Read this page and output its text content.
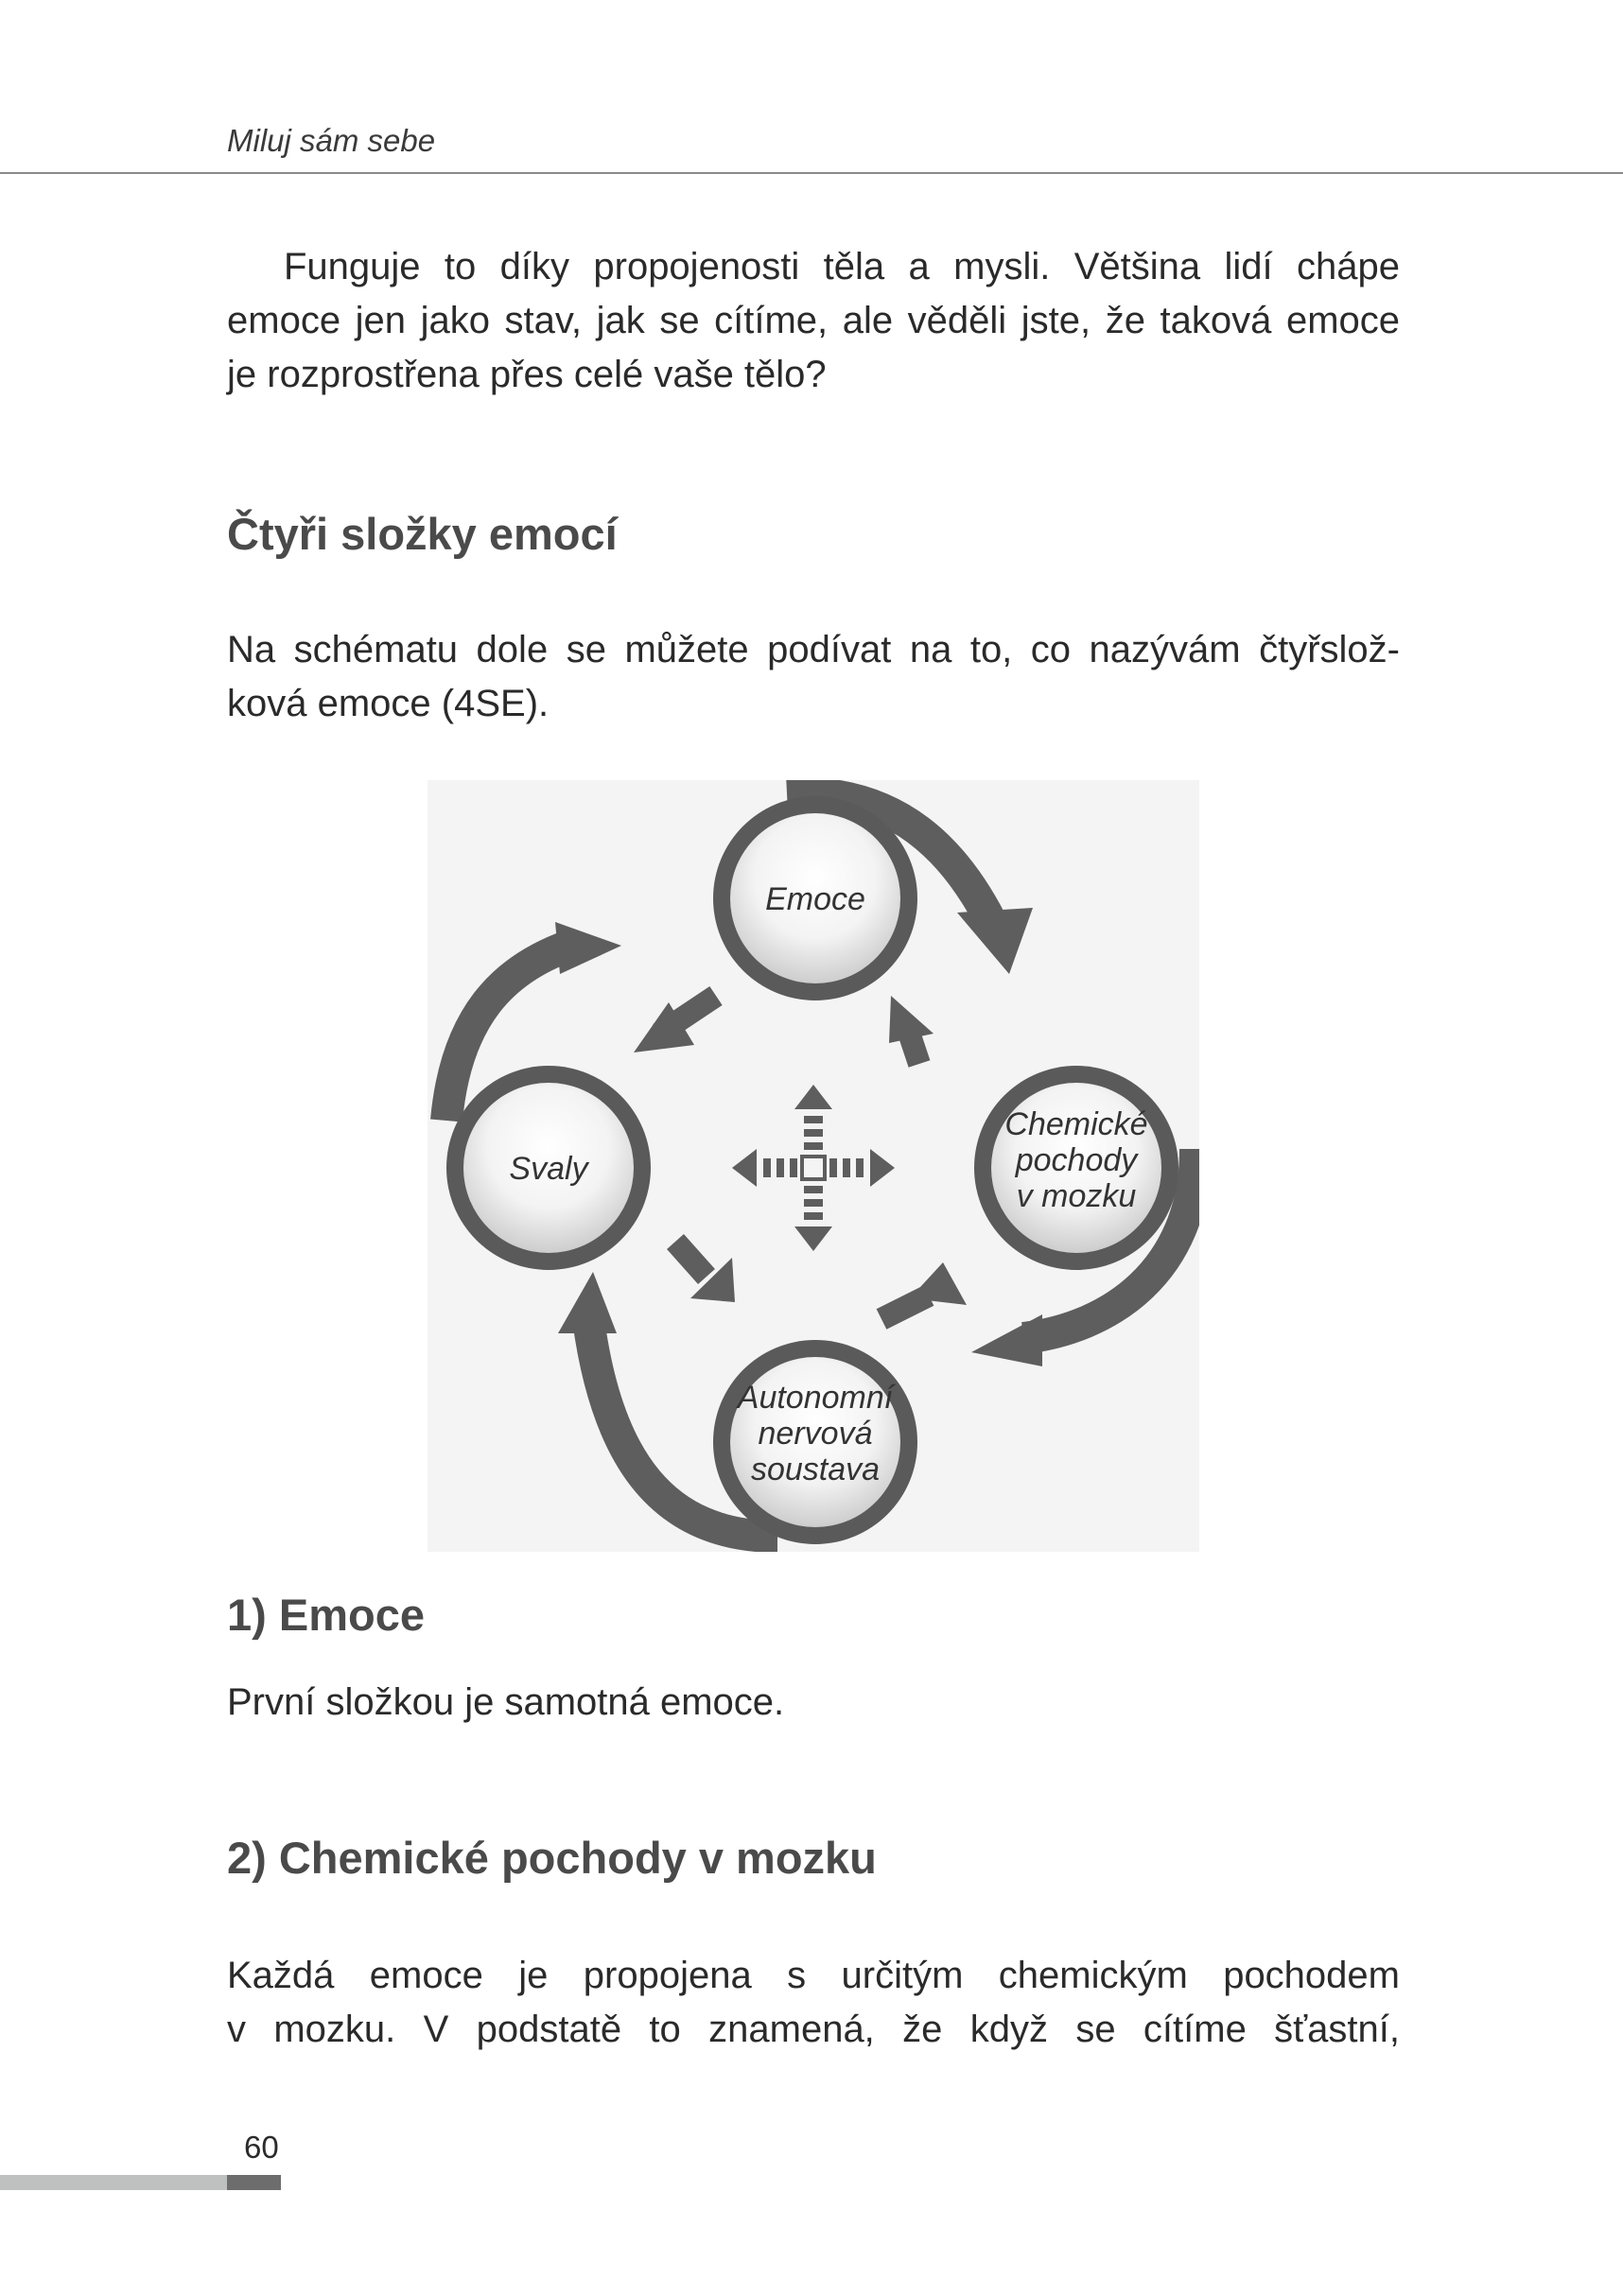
Miluj sám sebe
Funguje to díky propojenosti těla a mysli. Většina lidí chápe
emoce jen jako stav, jak se cítíme, ale věděli jste, že taková emoce
je rozprostřena přes celé vaše tělo?
Čtyři složky emocí
Na schématu dole se můžete podívat na to, co nazývám čtyřslož-
ková emoce (4SE).
Emoce
Chemické
pochody
v mozku
Autonomní
nervová
soustava
Svaly
1) Emoce
První složkou je samotná emoce.
2) Chemické pochody v mozku
Každá emoce je propojena s určitým chemickým pochodem
v mozku. V podstatě to znamená, že když se cítíme šťastní,
60
